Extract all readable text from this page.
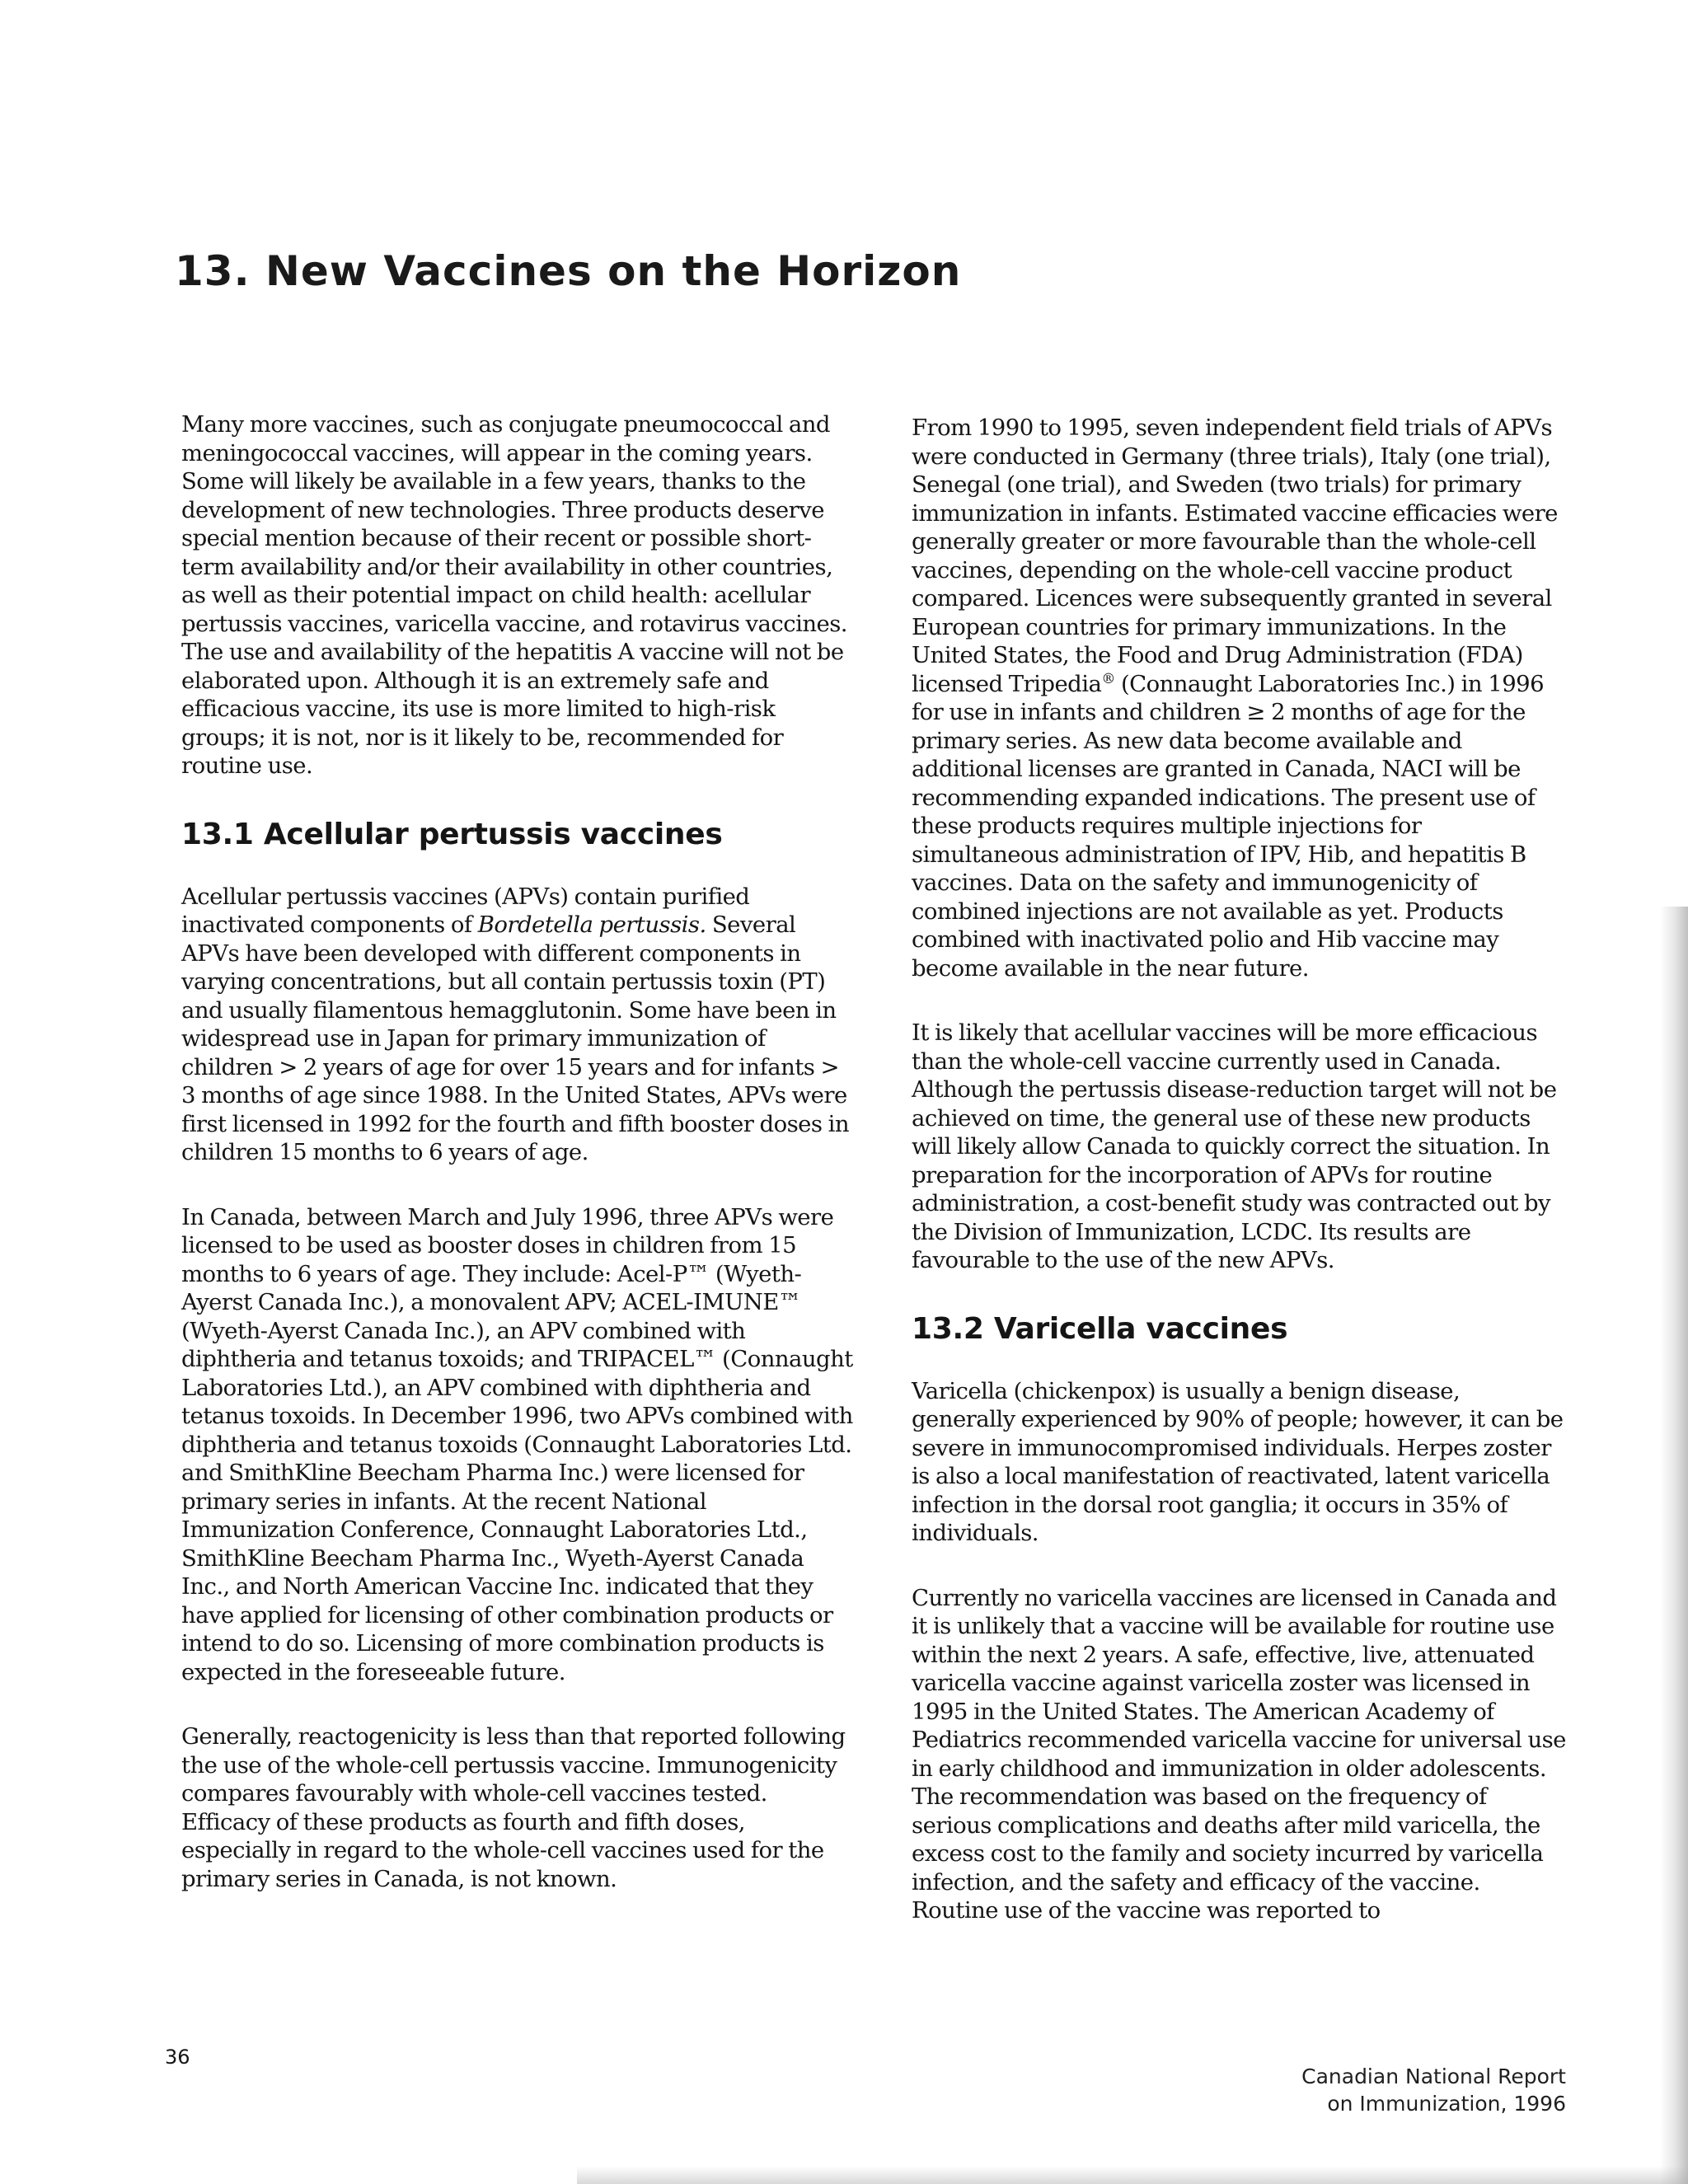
13. New Vaccines on the Horizon

Many more vaccines, such as conjugate pneumococcal and meningococcal vaccines, will appear in the coming years. Some will likely be available in a few years, thanks to the development of new technologies. Three products deserve special mention because of their recent or possible short-term availability and/or their availability in other countries, as well as their potential impact on child health: acellular pertussis vaccines, varicella vaccine, and rotavirus vaccines. The use and availability of the hepatitis A vaccine will not be elaborated upon. Although it is an extremely safe and efficacious vaccine, its use is more limited to high-risk groups; it is not, nor is it likely to be, recommended for routine use.

13.1 Acellular pertussis vaccines

Acellular pertussis vaccines (APVs) contain purified inactivated components of Bordetella pertussis. Several APVs have been developed with different components in varying concentrations, but all contain pertussis toxin (PT) and usually filamentous hemagglutonin. Some have been in widespread use in Japan for primary immunization of children > 2 years of age for over 15 years and for infants > 3 months of age since 1988. In the United States, APVs were first licensed in 1992 for the fourth and fifth booster doses in children 15 months to 6 years of age.

In Canada, between March and July 1996, three APVs were licensed to be used as booster doses in children from 15 months to 6 years of age. They include: Acel-P™ (Wyeth-Ayerst Canada Inc.), a monovalent APV; ACEL-IMUNE™ (Wyeth-Ayerst Canada Inc.), an APV combined with diphtheria and tetanus toxoids; and TRIPACEL™ (Connaught Laboratories Ltd.), an APV combined with diphtheria and tetanus toxoids. In December 1996, two APVs combined with diphtheria and tetanus toxoids (Connaught Laboratories Ltd. and SmithKline Beecham Pharma Inc.) were licensed for primary series in infants. At the recent National Immunization Conference, Connaught Laboratories Ltd., SmithKline Beecham Pharma Inc., Wyeth-Ayerst Canada Inc., and North American Vaccine Inc. indicated that they have applied for licensing of other combination products or intend to do so. Licensing of more combination products is expected in the foreseeable future.

Generally, reactogenicity is less than that reported following the use of the whole-cell pertussis vaccine. Immunogenicity compares favourably with whole-cell vaccines tested. Efficacy of these products as fourth and fifth doses, especially in regard to the whole-cell vaccines used for the primary series in Canada, is not known.

From 1990 to 1995, seven independent field trials of APVs were conducted in Germany (three trials), Italy (one trial), Senegal (one trial), and Sweden (two trials) for primary immunization in infants. Estimated vaccine efficacies were generally greater or more favourable than the whole-cell vaccines, depending on the whole-cell vaccine product compared. Licences were subsequently granted in several European countries for primary immunizations. In the United States, the Food and Drug Administration (FDA) licensed Tripedia® (Connaught Laboratories Inc.) in 1996 for use in infants and children ≥ 2 months of age for the primary series. As new data become available and additional licenses are granted in Canada, NACI will be recommending expanded indications. The present use of these products requires multiple injections for simultaneous administration of IPV, Hib, and hepatitis B vaccines. Data on the safety and immunogenicity of combined injections are not available as yet. Products combined with inactivated polio and Hib vaccine may become available in the near future.

It is likely that acellular vaccines will be more efficacious than the whole-cell vaccine currently used in Canada. Although the pertussis disease-reduction target will not be achieved on time, the general use of these new products will likely allow Canada to quickly correct the situation. In preparation for the incorporation of APVs for routine administration, a cost-benefit study was contracted out by the Division of Immunization, LCDC. Its results are favourable to the use of the new APVs.

13.2 Varicella vaccines

Varicella (chickenpox) is usually a benign disease, generally experienced by 90% of people; however, it can be severe in immunocompromised individuals. Herpes zoster is also a local manifestation of reactivated, latent varicella infection in the dorsal root ganglia; it occurs in 35% of individuals.

Currently no varicella vaccines are licensed in Canada and it is unlikely that a vaccine will be available for routine use within the next 2 years. A safe, effective, live, attenuated varicella vaccine against varicella zoster was licensed in 1995 in the United States. The American Academy of Pediatrics recommended varicella vaccine for universal use in early childhood and immunization in older adolescents. The recommendation was based on the frequency of serious complications and deaths after mild varicella, the excess cost to the family and society incurred by varicella infection, and the safety and efficacy of the vaccine. Routine use of the vaccine was reported to

36
Canadian National Report
on Immunization, 1996
